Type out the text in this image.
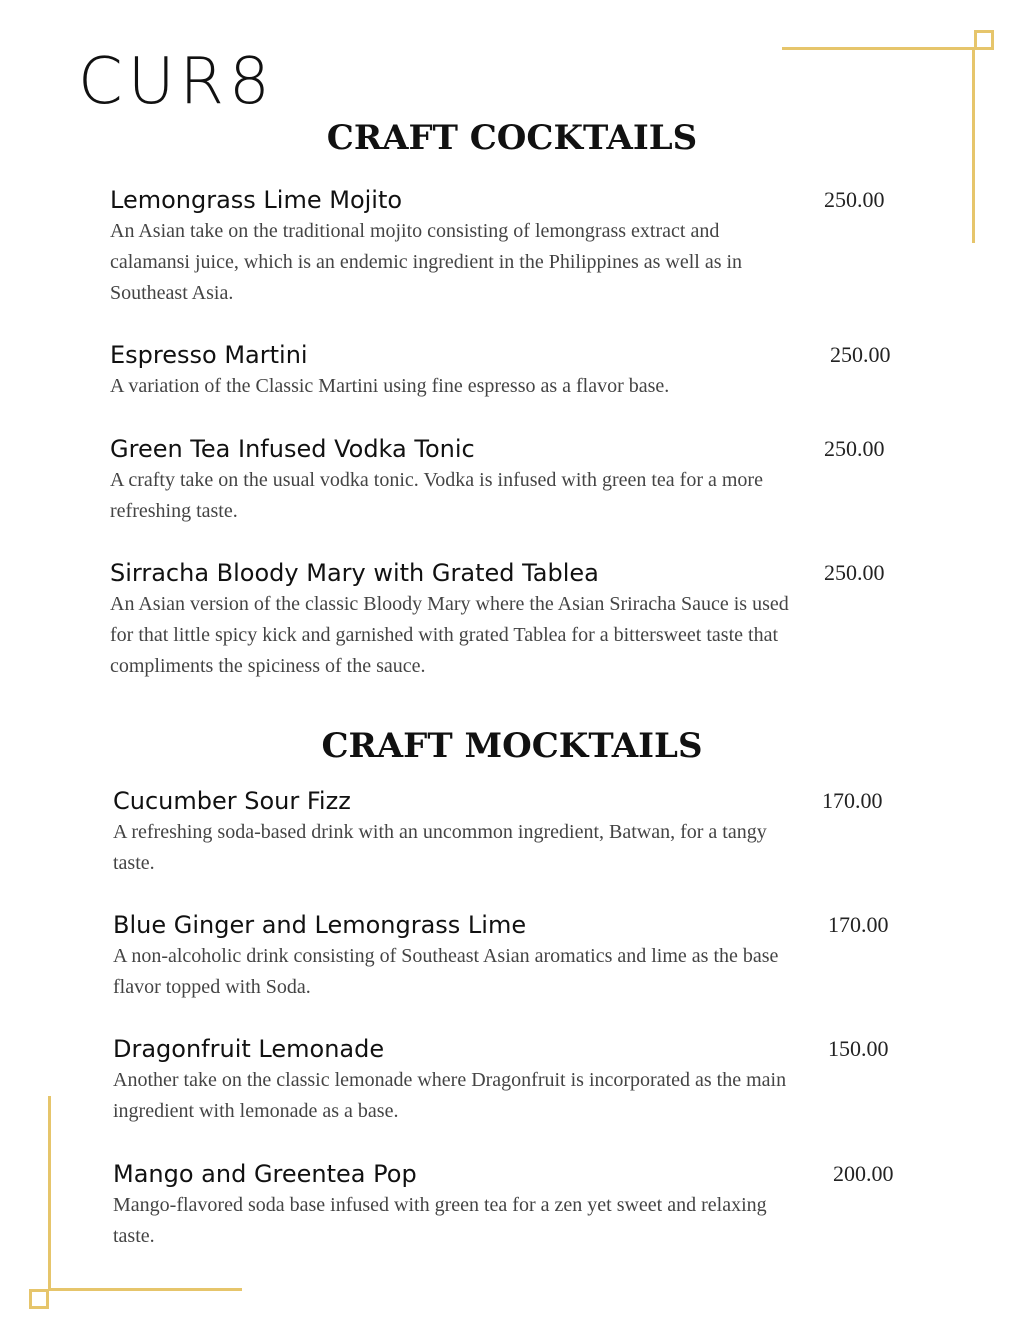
CUR8
CRAFT COCKTAILS
Lemongrass Lime Mojito
An Asian take on the traditional mojito consisting of lemongrass extract and calamansi juice, which is an endemic ingredient in the Philippines as well as in Southeast Asia.
250.00
Espresso Martini
A variation of the Classic Martini using fine espresso as a flavor base.
250.00
Green Tea Infused Vodka Tonic
A crafty take on the usual vodka tonic. Vodka is infused with green tea for a more refreshing taste.
250.00
Sirracha Bloody Mary with Grated Tablea
An Asian version of the classic Bloody Mary where the Asian Sriracha Sauce is used for that little spicy kick and garnished with grated Tablea for a bittersweet taste that compliments the spiciness of the sauce.
250.00
CRAFT MOCKTAILS
Cucumber Sour Fizz
A refreshing soda-based drink with an uncommon ingredient, Batwan, for a tangy taste.
170.00
Blue Ginger and Lemongrass Lime
A non-alcoholic drink consisting of Southeast Asian aromatics and lime as the base flavor topped with Soda.
170.00
Dragonfruit Lemonade
Another take on the classic lemonade where Dragonfruit is incorporated as the main ingredient with lemonade as a base.
150.00
Mango and Greentea Pop
Mango-flavored soda base infused with green tea for a zen yet sweet and relaxing taste.
200.00
